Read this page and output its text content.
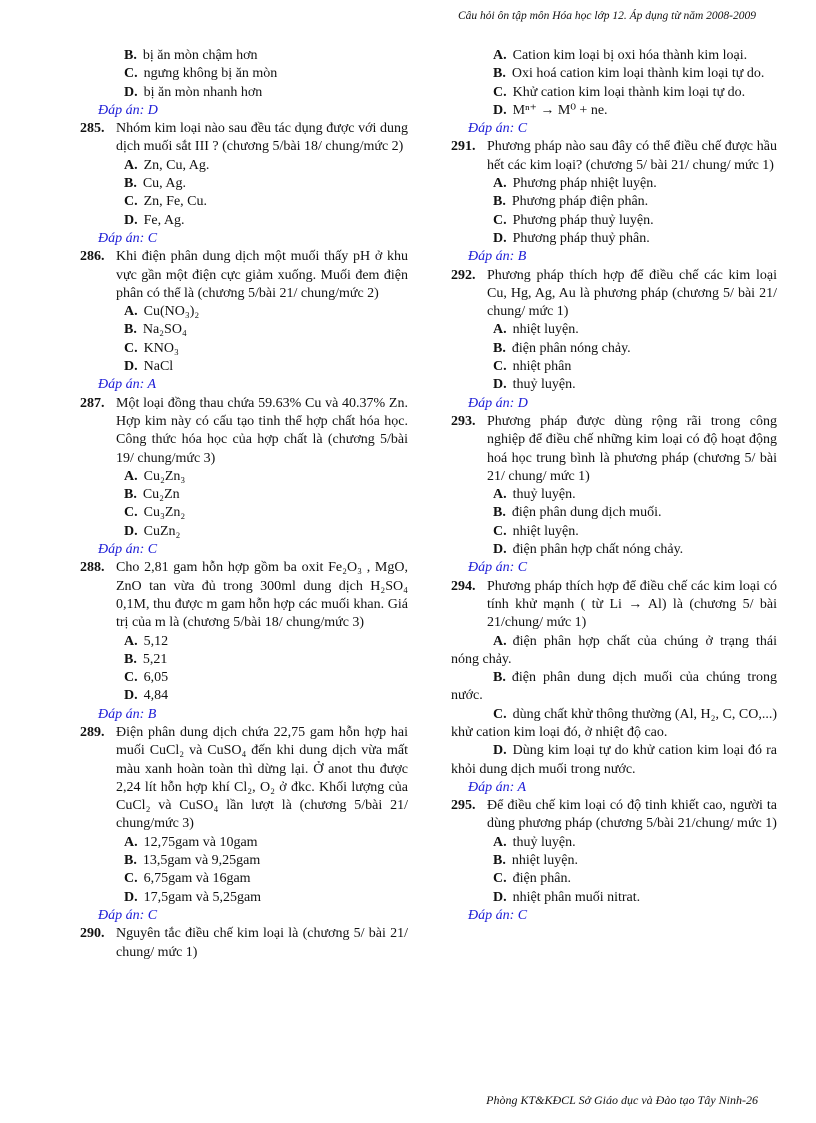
Câu hỏi ôn tập môn Hóa học lớp 12. Áp dụng từ năm 2008-2009
B. bị ăn mòn chậm hơn
C. ngưng không bị ăn mòn
D. bị ăn mòn nhanh hơn
Đáp án: D
285. Nhóm kim loại nào sau đều tác dụng được với dung dịch muối sắt III ? (chương 5/bài 18/ chung/mức 2)
A. Zn, Cu, Ag.
B. Cu, Ag.
C. Zn, Fe, Cu.
D. Fe, Ag.
Đáp án: C
286. Khi điện phân dung dịch một muối thấy pH ở khu vực gần một điện cực giảm xuống. Muối đem điện phân có thể là (chương 5/bài 21/ chung/mức 2)
A. Cu(NO₃)₂
B. Na₂SO₄
C. KNO₃
D. NaCl
Đáp án: A
287. Một loại đồng thau chứa 59.63% Cu và 40.37% Zn. Hợp kim này có cấu tạo tinh thể hợp chất hóa học. Công thức hóa học của hợp chất là (chương 5/bài 19/ chung/mức 3)
A. Cu₂Zn₃
B. Cu₂Zn
C. Cu₃Zn₂
D. CuZn₂
Đáp án: C
288. Cho 2,81 gam hỗn hợp gồm ba oxit Fe₂O₃ , MgO, ZnO tan vừa đủ trong 300ml dung dịch H₂SO₄ 0,1M, thu được m gam hỗn hợp các muối khan. Giá trị của m là (chương 5/bài 18/ chung/mức 3)
A. 5,12
B. 5,21
C. 6,05
D. 4,84
Đáp án: B
289. Điện phân dung dịch chứa 22,75 gam hỗn hợp hai muối CuCl₂ và CuSO₄ đến khi dung dịch vừa mất màu xanh hoàn toàn thì dừng lại. Ở anot thu được 2,24 lít hỗn hợp khí Cl₂, O₂ ở đkc. Khối lượng của CuCl₂ và CuSO₄ lần lượt là (chương 5/bài 21/ chung/mức 3)
A. 12,75gam và 10gam
B. 13,5gam và 9,25gam
C. 6,75gam và 16gam
D. 17,5gam và 5,25gam
Đáp án: C
290. Nguyên tắc điều chế kim loại là (chương 5/ bài 21/ chung/ mức 1)
A. Cation kim loại bị oxi hóa thành kim loại.
B. Oxi hoá cation kim loại thành kim loại tự do.
C. Khử cation kim loại thành kim loại tự do.
D. Mⁿ⁺ → M⁰ + ne.
Đáp án: C
291. Phương pháp nào sau đây có thể điều chế được hầu hết các kim loại? (chương 5/ bài 21/ chung/ mức 1)
A. Phương pháp nhiệt luyện.
B. Phương pháp điện phân.
C. Phương pháp thuỷ luyện.
D. Phương pháp thuỷ phân.
Đáp án: B
292. Phương pháp thích hợp để điều chế các kim loại Cu, Hg, Ag, Au là phương pháp (chương 5/ bài 21/ chung/ mức 1)
A. nhiệt luyện.
B. điện phân nóng chảy.
C. nhiệt phân
D. thuỷ luyện.
Đáp án: D
293. Phương pháp được dùng rộng rãi trong công nghiệp để điều chế những kim loại có độ hoạt động hoá học trung bình là phương pháp (chương 5/ bài 21/ chung/ mức 1)
A. thuỷ luyện.
B. điện phân dung dịch muối.
C. nhiệt luyện.
D. điện phân hợp chất nóng chảy.
Đáp án: C
294. Phương pháp thích hợp để điều chế các kim loại có tính khử mạnh ( từ Li → Al) là (chương 5/ bài 21/chung/ mức 1)
A. điện phân hợp chất của chúng ở trạng thái nóng chảy.
B. điện phân dung dịch muối của chúng trong nước.
C. dùng chất khử thông thường (Al, H₂, C, CO,...) khử cation kim loại đó, ở nhiệt độ cao.
D. Dùng kim loại tự do khử cation kim loại đó ra khỏi dung dịch muối trong nước.
Đáp án: A
295. Để điều chế kim loại có độ tinh khiết cao, người ta dùng phương pháp (chương 5/bài 21/chung/ mức 1)
A. thuỷ luyện.
B. nhiệt luyện.
C. điện phân.
D. nhiệt phân muối nitrat.
Đáp án: C
Phòng KT&KĐCL Sở Giáo dục và Đào tạo Tây Ninh-26
